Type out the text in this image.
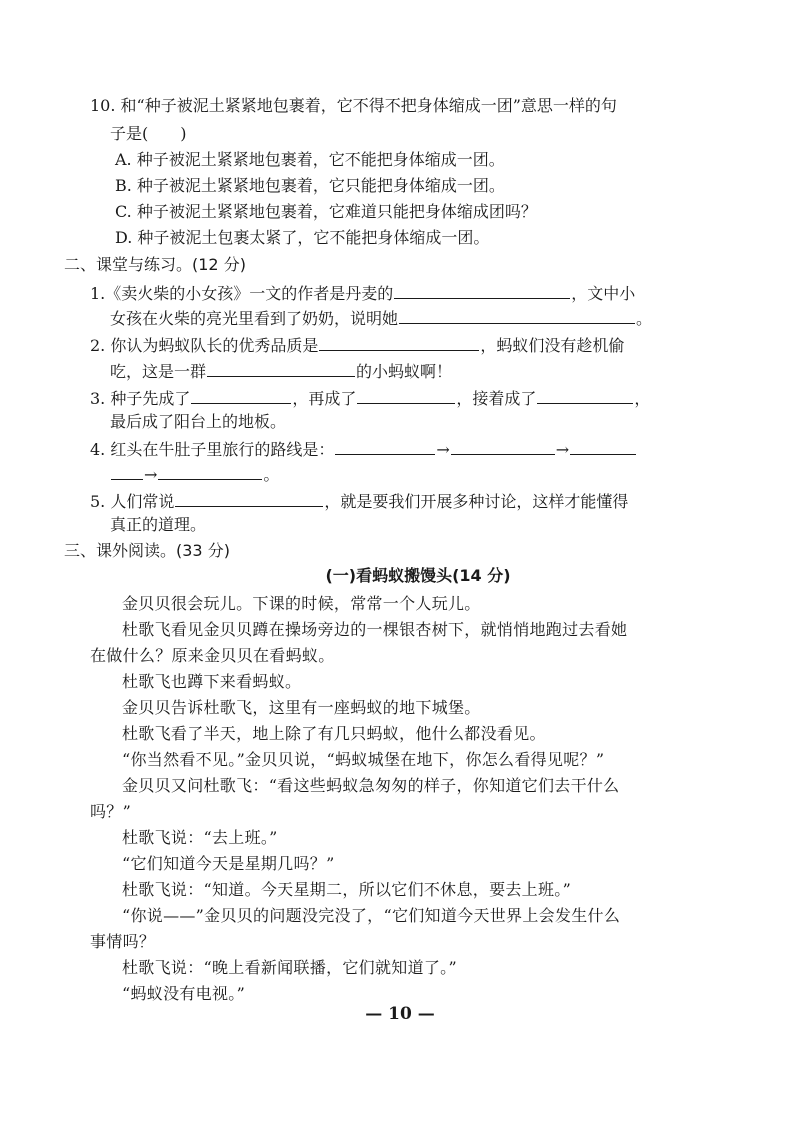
10. 和“种子被泥土紧紧地包裹着，它不得不把身体缩成一团”意思一样的句
子是(　　)
A. 种子被泥土紧紧地包裹着，它不能把身体缩成一团。
B. 种子被泥土紧紧地包裹着，它只能把身体缩成一团。
C. 种子被泥土紧紧地包裹着，它难道只能把身体缩成团吗？
D. 种子被泥土包裹太紧了，它不能把身体缩成一团。
二、课堂与练习。(12 分)
1.《卖火柴的小女孩》一文的作者是丹麦的	，文中小
女孩在火柴的亮光里看到了奶奶，说明她	。
2. 你认为蚂蚁队长的优秀品质是	，蚂蚁们没有趁机偷
吃，这是一群	的小蚂蚁啊！
3. 种子先成了	，再成了	，接着成了	，
最后成了阳台上的地板。
4. 红头在牛肚子里旅行的路线是：	→	→
→	。
5. 人们常说	，就是要我们开展多种讨论，这样才能懂得
真正的道理。
三、课外阅读。(33 分)
(一)看蚂蚁搬馒头(14 分)
金贝贝很会玩儿。下课的时候，常常一个人玩儿。
杜歌飞看见金贝贝蹲在操场旁边的一棵银杏树下，就悄悄地跑过去看她
在做什么？原来金贝贝在看蚂蚁。
杜歌飞也蹲下来看蚂蚁。
金贝贝告诉杜歌飞，这里有一座蚂蚁的地下城堡。
杜歌飞看了半天，地上除了有几只蚂蚁，他什么都没看见。
“你当然看不见。”金贝贝说，“蚂蚁城堡在地下，你怎么看得见呢？”
金贝贝又问杜歌飞：“看这些蚂蚁急匆匆的样子，你知道它们去干什么
吗？”
杜歌飞说：“去上班。”
“它们知道今天是星期几吗？”
杜歌飞说：“知道。今天星期二，所以它们不休息，要去上班。”
“你说——”金贝贝的问题没完没了，“它们知道今天世界上会发生什么
事情吗？
杜歌飞说：“晚上看新闻联播，它们就知道了。”
“蚂蚁没有电视。”
— 10 —
